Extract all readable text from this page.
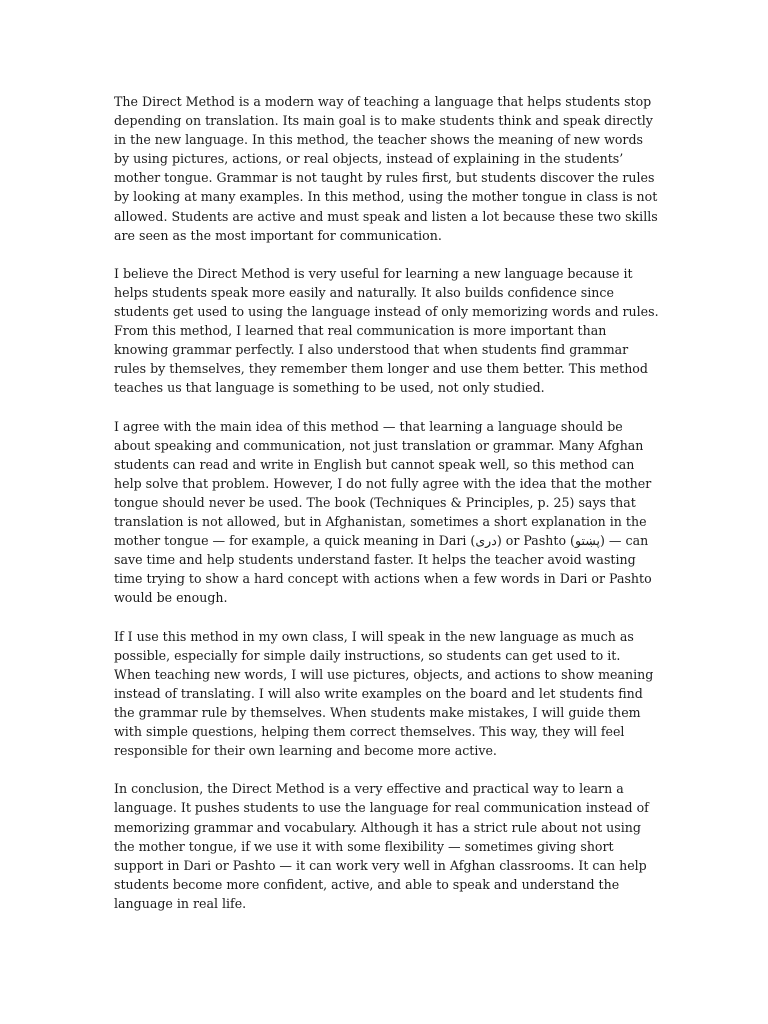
The Direct Method is a modern way of teaching a language that helps students stop depending on translation. Its main goal is to make students think and speak directly in the new language. In this method, the teacher shows the meaning of new words by using pictures, actions, or real objects, instead of explaining in the students’ mother tongue. Grammar is not taught by rules first, but students discover the rules by looking at many examples. In this method, using the mother tongue in class is not allowed. Students are active and must speak and listen a lot because these two skills are seen as the most important for communication.

I believe the Direct Method is very useful for learning a new language because it helps students speak more easily and naturally. It also builds confidence since students get used to using the language instead of only memorizing words and rules. From this method, I learned that real communication is more important than knowing grammar perfectly. I also understood that when students find grammar rules by themselves, they remember them longer and use them better. This method teaches us that language is something to be used, not only studied.

I agree with the main idea of this method — that learning a language should be about speaking and communication, not just translation or grammar. Many Afghan students can read and write in English but cannot speak well, so this method can help solve that problem. However, I do not fully agree with the idea that the mother tongue should never be used. The book (Techniques & Principles, p. 25) says that translation is not allowed, but in Afghanistan, sometimes a short explanation in the mother tongue — for example, a quick meaning in Dari (دری) or Pashto (پښتو) — can save time and help students understand faster. It helps the teacher avoid wasting time trying to show a hard concept with actions when a few words in Dari or Pashto would be enough.

If I use this method in my own class, I will speak in the new language as much as possible, especially for simple daily instructions, so students can get used to it. When teaching new words, I will use pictures, objects, and actions to show meaning instead of translating. I will also write examples on the board and let students find the grammar rule by themselves. When students make mistakes, I will guide them with simple questions, helping them correct themselves. This way, they will feel responsible for their own learning and become more active.

In conclusion, the Direct Method is a very effective and practical way to learn a language. It pushes students to use the language for real communication instead of memorizing grammar and vocabulary. Although it has a strict rule about not using the mother tongue, if we use it with some flexibility — sometimes giving short support in Dari or Pashto — it can work very well in Afghan classrooms. It can help students become more confident, active, and able to speak and understand the language in real life.
